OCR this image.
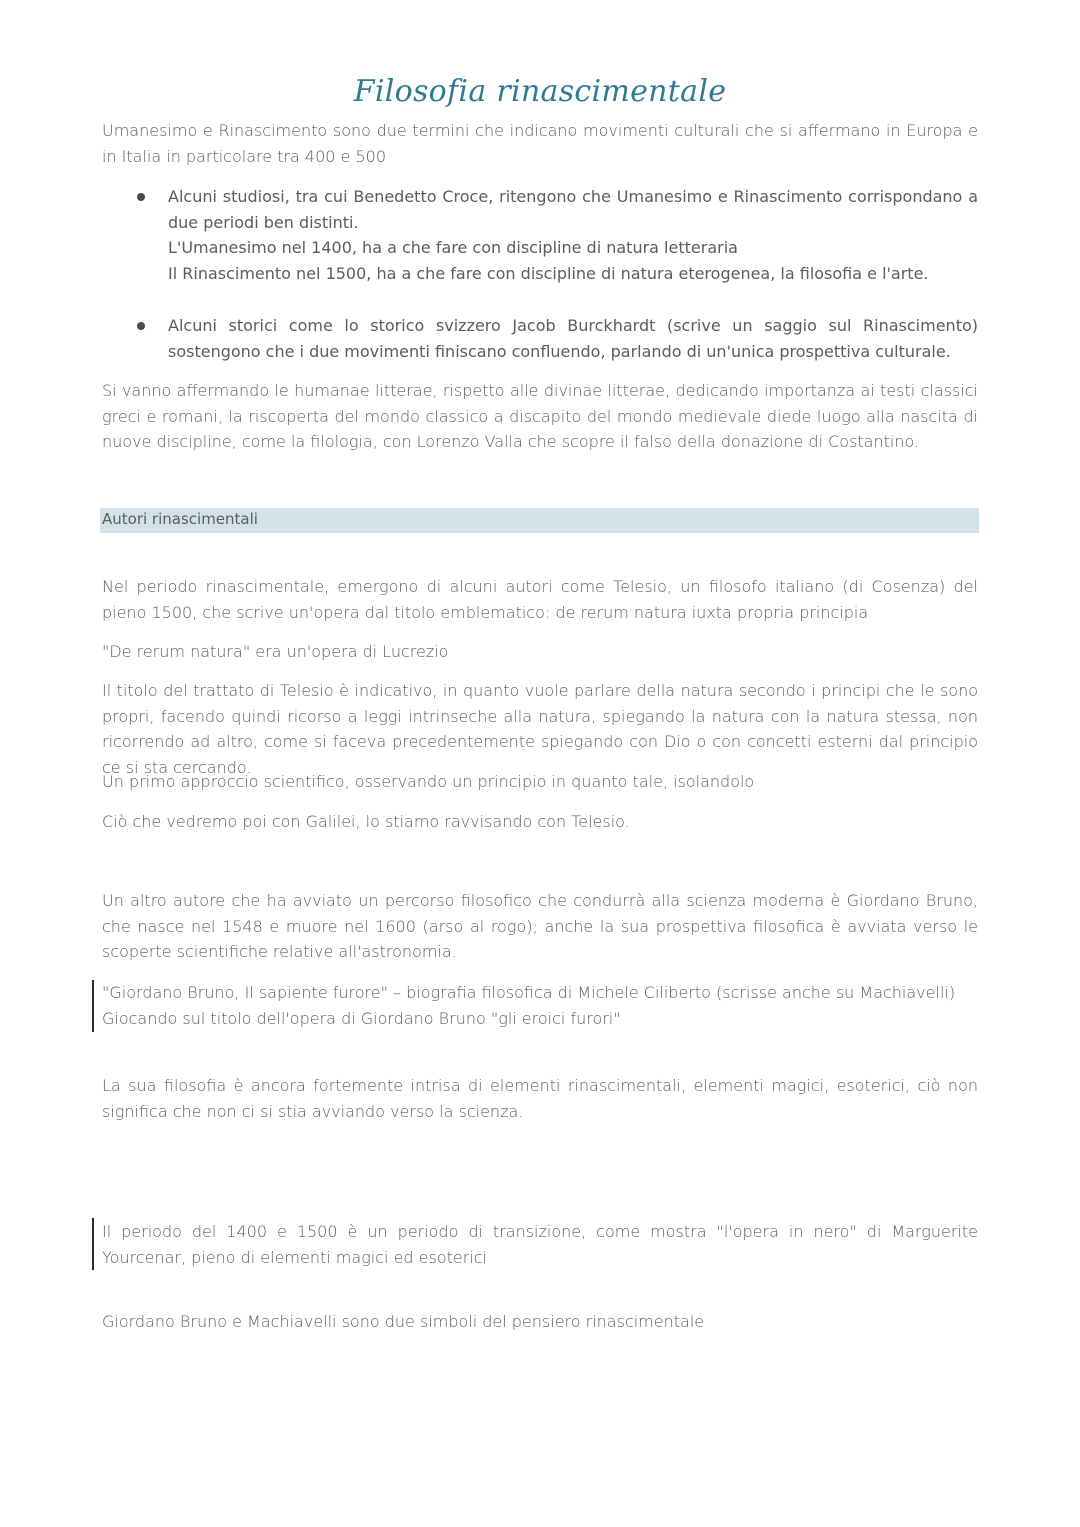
Filosofia rinascimentale
Umanesimo e Rinascimento sono due termini che indicano movimenti culturali che si affermano in Europa e in Italia in particolare tra 400 e 500
Alcuni studiosi, tra cui Benedetto Croce, ritengono che Umanesimo e Rinascimento corrispondano a due periodi ben distinti.
L'Umanesimo nel 1400, ha a che fare con discipline di natura letteraria
Il Rinascimento nel 1500, ha a che fare con discipline di natura eterogenea, la filosofia e l'arte.
Alcuni storici come lo storico svizzero Jacob Burckhardt (scrive un saggio sul Rinascimento) sostengono che i due movimenti finiscano confluendo, parlando di un'unica prospettiva culturale.
Si vanno affermando le humanae litterae, rispetto alle divinae litterae, dedicando importanza ai testi classici greci e romani, la riscoperta del mondo classico a discapito del mondo medievale diede luogo alla nascita di nuove discipline, come la filologia, con Lorenzo Valla che scopre il falso della donazione di Costantino.
Autori rinascimentali
Nel periodo rinascimentale, emergono di alcuni autori come Telesio, un filosofo italiano (di Cosenza) del pieno 1500, che scrive un'opera dal titolo emblematico: de rerum natura iuxta propria principia
"De rerum natura" era un'opera di Lucrezio
Il titolo del trattato di Telesio è indicativo, in quanto vuole parlare della natura secondo i principi che le sono propri, facendo quindi ricorso a leggi intrinseche alla natura, spiegando la natura con la natura stessa, non ricorrendo ad altro, come si faceva precedentemente spiegando con Dio o con concetti esterni dal principio ce si sta cercando.
Un primo approccio scientifico, osservando un principio in quanto tale, isolandolo
Ciò che vedremo poi con Galilei, lo stiamo ravvisando con Telesio.
Un altro autore che ha avviato un percorso filosofico che condurrà alla scienza moderna è Giordano Bruno, che nasce nel 1548 e muore nel 1600 (arso al rogo); anche la sua prospettiva filosofica è avviata verso le scoperte scientifiche relative all'astronomia.
"Giordano Bruno, Il sapiente furore" – biografia filosofica di Michele Ciliberto (scrisse anche su Machiavelli)
Giocando sul titolo dell'opera di Giordano Bruno "gli eroici furori"
La sua filosofia è ancora fortemente intrisa di elementi rinascimentali, elementi magici, esoterici, ciò non significa che non ci si stia avviando verso la scienza.
Il periodo del 1400 e 1500 è un periodo di transizione, come mostra "l'opera in nero" di Marguerite Yourcenar, pieno di elementi magici ed esoterici
Giordano Bruno e Machiavelli sono due simboli del pensiero rinascimentale
